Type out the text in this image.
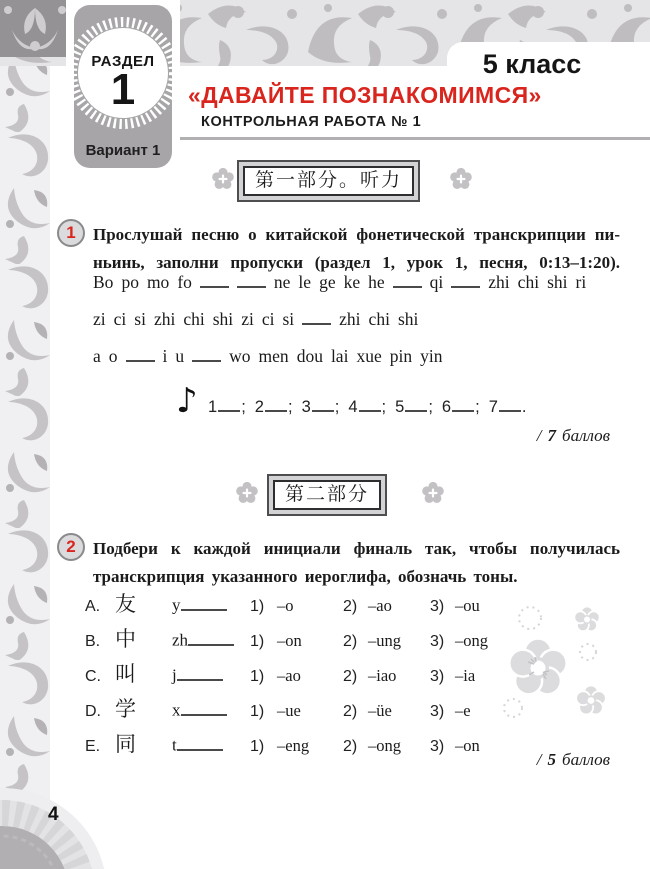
РАЗДЕЛ
1
Вариант 1
5 класс
«ДАВАЙТЕ ПОЗНАКОМИМСЯ»
КОНТРОЛЬНАЯ РАБОТА № 1
第一部分。听力
1	Прослушай песню о китайской фонетической транскрипции пи-
ньинь, заполни пропуски (раздел 1, урок 1, песня, 0:13–1:20).
Bo po mo fo	ne le ge ke he	qi	zhi chi shi ri
zi ci si zhi chi shi zi ci si	zhi chi shi
a o	i u	wo men dou lai xue pin yin
♪ 1 ; 2 ; 3 ; 4 ; 5 ; 6 ; 7 .
/ 7 баллов
第二部分
2	Подбери к каждой инициали финаль так, чтобы получилась
транскрипция указанного иероглифа, обозначь тоны.
A. 友	y	1) –o	2) –ao	3) –ou
B. 中	zh	1) –on	2) –ung	3) –ong
C. 叫	j	1) –ao	2) –iao	3) –ia
D. 学	x	1) –ue	2) –üe	3) –e
E. 同	t	1) –eng	2) –ong	3) –on
/ 5 баллов
4
